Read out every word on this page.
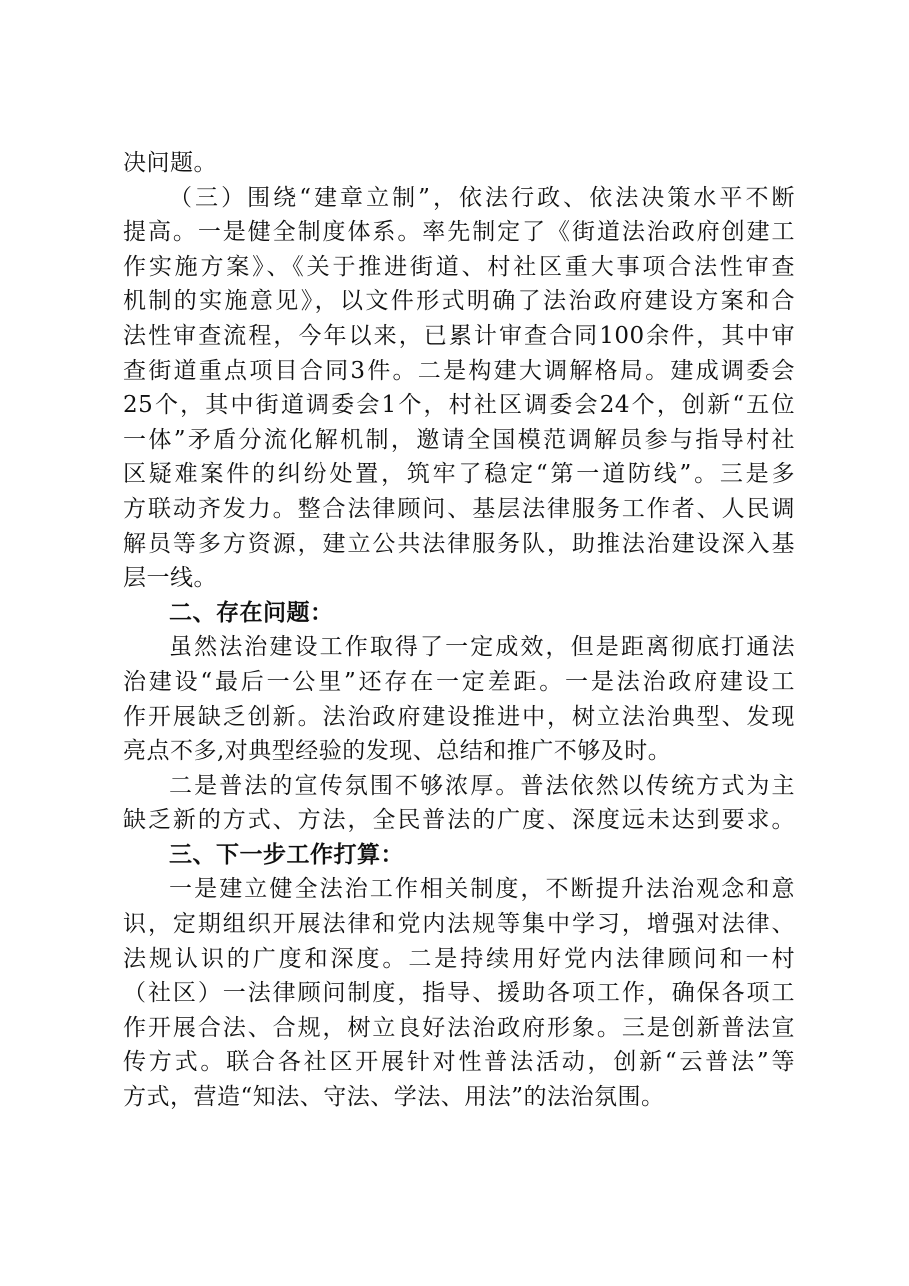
决问题。
（三）围绕“建章立制”，依法行政、依法决策水平不断
提高。一是健全制度体系。率先制定了《街道法治政府创建工
作实施方案》、《关于推进街道、村社区重大事项合法性审查
机制的实施意见》，以文件形式明确了法治政府建设方案和合
法性审查流程，今年以来，已累计审查合同100余件，其中审
查街道重点项目合同3件。二是构建大调解格局。建成调委会
25个，其中街道调委会1个，村社区调委会24个，创新“五位
一体”矛盾分流化解机制，邀请全国模范调解员参与指导村社
区疑难案件的纠纷处置，筑牢了稳定“第一道防线”。三是多
方联动齐发力。整合法律顾问、基层法律服务工作者、人民调
解员等多方资源，建立公共法律服务队，助推法治建设深入基
层一线。
二、存在问题：
虽然法治建设工作取得了一定成效，但是距离彻底打通法
治建设“最后一公里”还存在一定差距。一是法治政府建设工
作开展缺乏创新。法治政府建设推进中，树立法治典型、发现
亮点不多,对典型经验的发现、总结和推广不够及时。
二是普法的宣传氛围不够浓厚。普法依然以传统方式为主
缺乏新的方式、方法，全民普法的广度、深度远未达到要求。
三、下一步工作打算：
一是建立健全法治工作相关制度，不断提升法治观念和意
识，定期组织开展法律和党内法规等集中学习，增强对法律、
法规认识的广度和深度。二是持续用好党内法律顾问和一村
（社区）一法律顾问制度，指导、援助各项工作，确保各项工
作开展合法、合规，树立良好法治政府形象。三是创新普法宣
传方式。联合各社区开展针对性普法活动，创新“云普法”等
方式，营造“知法、守法、学法、用法”的法治氛围。
